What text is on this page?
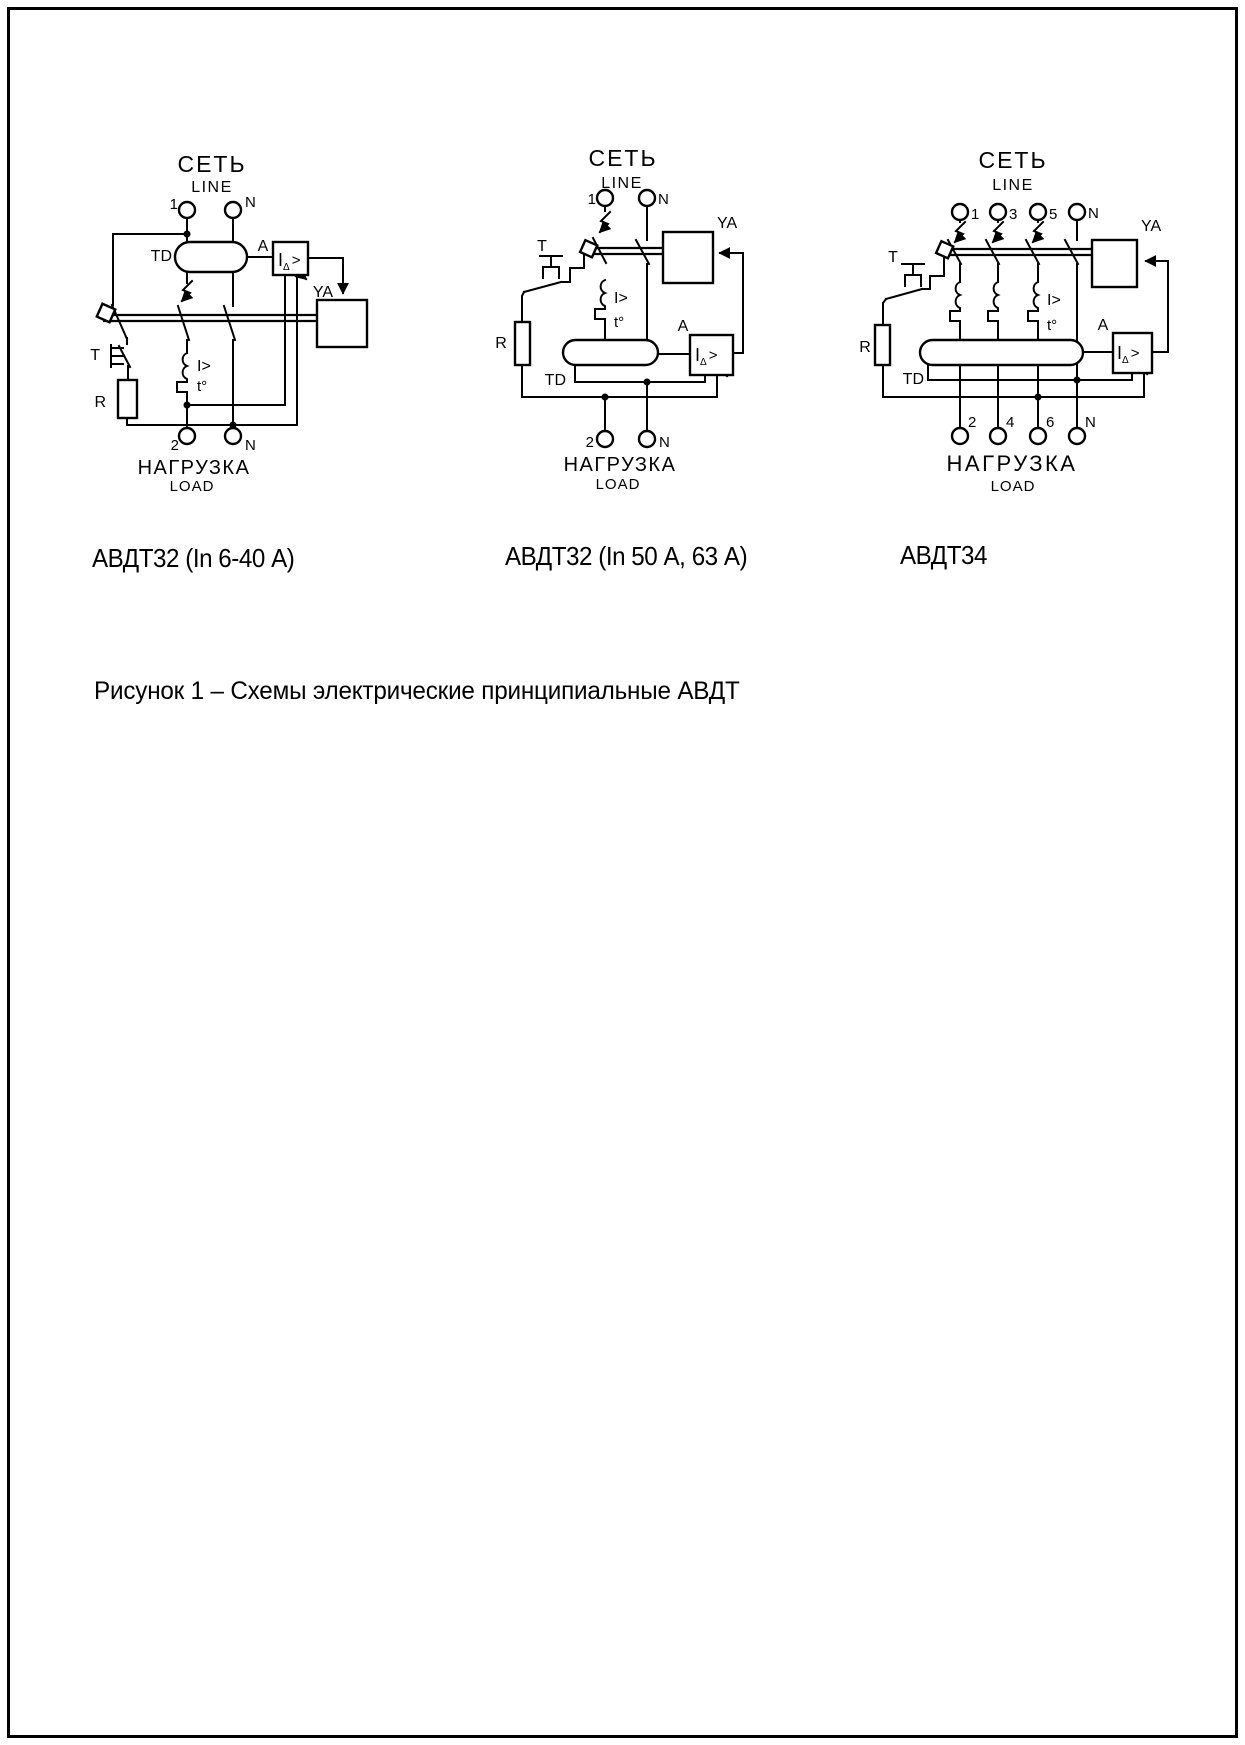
СЕТЬ
LINE
1	N
TD
A
YA
$I_\Delta$ >
T
R
I>
t°
2	N
НАГРУЗКА
LOAD
СЕТЬ
LINE
1	N
YA
A
$I_\Delta$ >
TD
T
R
I>
t°
2	N
НАГРУЗКА
LOAD
СЕТЬ
LINE
1 3 5 N
YA
A
$I_\Delta$ >
TD
T
R
I>
t°
2 4 6 N
НАГРУЗКА
LOAD
АВДТ32 (In 6-40 А)	АВДТ32 (In 50 А, 63 А)	АВДТ34
Рисунок 1 – Схемы электрические принципиальные АВДТ
